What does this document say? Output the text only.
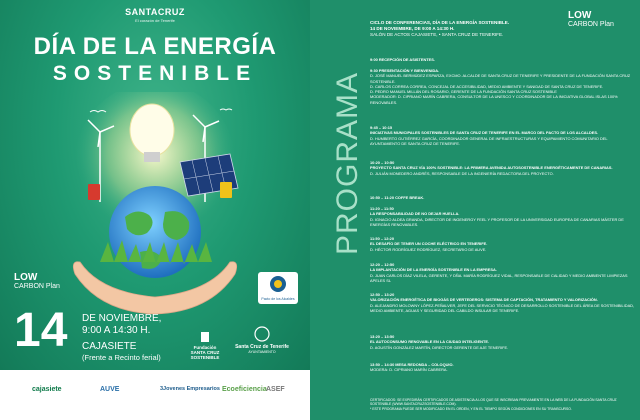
SANTACRUZ
El corazón de Tenerife
DÍA DE LA ENERGÍA
SOSTENIBLE
LOW
CARBON Plan
Pacto de los Alcaldes
14 DE NOVIEMBRE,
9:00 A 14:30 H.
CAJASIETE
(Frente a Recinto ferial)
Fundación SANTA CRUZ SOSTENIBLE
Santa Cruz de Tenerife
AYUNTAMIENTO
cajasiete	AUVE	3Jovenes Empresarios Ecoeficiencia ASEF
PROGRAMA
LOW
CARBON Plan
CICLO DE CONFERENCIAS, DÍA DE LA ENERGÍA SOSTENIBLE.
14 DE NOVIEMBRE, DE 9:00 A 14:30 H.
SALÓN DE ACTOS CAJASIETE, • SANTA CRUZ DE TENERIFE.
9:00 RECEPCIÓN DE ASISTENTES.
9:30 PRESENTACIÓN Y BIENVENIDA.
D. JOSÉ MANUEL BERMÚDEZ ESPARZA, EXCMO. ALCALDE DE SANTA CRUZ DE TENERIFE Y PRESIDENTE DE LA FUNDACIÓN SANTA CRUZ SOSTENIBLE.
D. CARLOS CORREA CORREA, CONCEJAL DE ACCESIBILIDAD, MEDIO AMBIENTE Y SANIDAD DE SANTA CRUZ DE TENERIFE.
D. PEDRO MANUEL MILLÁN DEL ROSARIO, GERENTE DE LA FUNDACIÓN SANTA CRUZ SOSTENIBLE
MODERADOR: D. CIPRIANO MARÍN CABRERA, CONSULTOR DE LA UNESCO Y COORDINADOR DE LA INICIATIVA GLOBAL ISLAS 100% RENOVABLES.
9:45 – 10:15
INICIATIVAS MUNICIPALES SOSTENIBLES DE SANTA CRUZ DE TENERIFE EN EL MARCO DEL PACTO DE LOS ALCALDES.
D. HUMBERTO GUTIÉRREZ GARCÍA, COORDINADOR GENERAL DE INFRAESTRUCTURAS Y EQUIPAMIENTO COMUNITARIO DEL AYUNTAMIENTO DE SANTA CRUZ DE TENERIFE.
10:20 – 10:50
PROYECTO SANTA CRUZ VÍA 100% SOSTENIBLE: LA PRIMERA AVENIDA AUTOSOSTENIBLE ENERGÉTICAMENTE DE CANARIAS.
D. JULIÁN MONEDERO ANDRÉS, RESPONSABLE DE LA INGENIERÍA REDACTORA DEL PROYECTO.
10:50 – 11:20 COFFE BREAK.
11:20 – 11:50
LA RESPONSABILIDAD DE NO DEJAR HUELLA.
D. IGNACIO ALDEA GRANDA, DIRECTOR DE INGENERGY FEEL Y PROFESOR DE LA UNIVERSIDAD EUROPEA DE CANARIAS MÁSTER DE ENERGÍAS RENOVABLES.
11:50 – 12:20
EL DESAFÍO DE TENER UN COCHE ELÉCTRICO EN TENERIFE.
D. HÉCTOR RODRÍGUEZ RODRÍGUEZ, SECRETARIO DE AUVE.
12:20 – 12:50
LA IMPLANTACIÓN DE LA ENERGÍA SOSTENIBLE EN LA EMPRESA.
D. JUAN CARLOS DÍAZ VILELA, GERENTE, Y DÑA. MARÍA RODRÍGUEZ VIDAL, RESPONSABLE DE CALIDAD Y MEDIO AMBIENTE LIMPIEZAS APELES SL
12:50 – 13:20
VALORIZACIÓN ENERGÉTICA DE BIOGÁS DE VERTEDEROS: SISTEMA DE CAPTACIÓN, TRATAMIENTO Y VALORIZACIÓN.
D. ALEJANDRO MOLOWNY LÓPEZ-PEÑALVER, JEFE DEL SERVICIO TÉCNICO DE DESARROLLO SOSTENIBLE DEL ÁREA DE SOSTENIBILIDAD, MEDIO AMBIENTE, AGUAS Y SEGURIDAD DEL CABILDO INSULAR DE TENERIFE.
13:20 – 13:50
EL AUTOCONSUMO RENOVABLE EN LA CIUDAD INTELIGENTE.
D. AGUSTÍN GONZÁLEZ MARTÍN, DIRECTOR GERENTE DE AJE TENERIFE.
13:50 – 14:30 MESA REDONDA – COLOQUIO.
MODERA: D. CIPRIANO MARÍN CABRERA.
CERTIFICADOS: SE EXPEDIRÁN CERTIFICADOS DE ASISTENCIA A LOS QUE SE INSCRIBAN PREVIAMENTE EN LA WEB DE LA FUNDACIÓN SANTA CRUZ SOSTENIBLE (WWW.SANTACRUZSOSTENIBLE.COM).
* ESTE PROGRAMA PUEDE SER MODIFICADO EN EL ORDEN, Y EN EL TIEMPO SEGÚN CONDICIONES EN SU TRANSCURSO.
